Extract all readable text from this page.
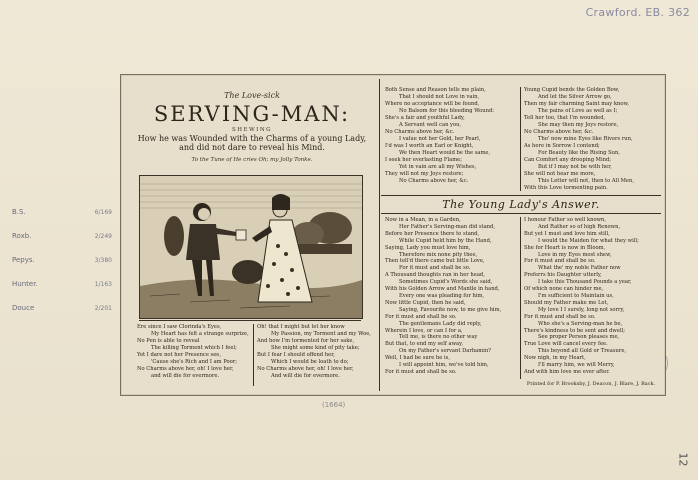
Crawford. EB. 362
12
(1664)
B.S.	6/169
Roxb.	2/249
Pepys.	3/380
Hunter.	1/163
Douce	2/201
The Love-sick
SERVING-MAN:
SHEWING
How he was Wounded with the Charms of a young Lady, and did not dare to reveal his Mind.
To the Tune of He cries Oh; my Jolly Tonke.
Ere since I saw Clorinda's Eyes,
My Heart has felt a strange surprize,
No Pen is able to reveal
The killing Torment which I feel;
Yet I dare not her Presence see,
'Cause she's Rich and I am Poor;
No Charms above her, oh! I love her,
and will die for evermore.
Oh! that I might but let her know
My Passion, my Torment and my Woe,
And how I'm tormented for her sake,
She might some kind of pity take;
But I fear I should offend her,
Which I would be loath to do;
No Charms above her, oh! I love her,
And will die for evermore.
Both Sense and Reason tells me plain,
That I should not Love in vain,
Where no acceptance will be found,
No Balsom for this bleeding Wound:
She's a fair and youthful Lady,
A Servant well can you,
No Charms above her, &c.
I value not her Gold, her Pearl,
I'd was I worth an Earl or Knight,
We then Heart would be the same,
I seek her everlasting Flame;
Yet in vain are all my Wishes,
They will not my Joys restore;
No Charms above her, &c.
Young Cupid bends the Golden Bow,
And let the Silver Arrow go,
Then my fair charming Saint may know,
The pains of Love as well as I;
Tell her too, that I'm wounded,
She may then my Joys restore,
No Charms above her, &c.
Tho' now mine Eyes like Rivers run,
As here in Sorrow I contend;
For Beauty like the Rising Sun,
Can Comfort any drooping Mind;
But if I may not be with her,
She will not hear me more,
This Letter will not, then to All Men,
With this Love tormenting pain.
The Young Lady's Answer.
Now in a Mean, in a Garden,
Her Father's Serving-man did stand,
Before her Presence there to stand,
While Cupid held him by the Hand,
Saying, Lady you must love him,
Therefore mix none pity thee,
Then tell'd there came but little Love,
For it must and shall be so.
A Thousand thoughts ran in her head,
Sometimes Cupid's Words she said,
With his Golden Arrow and Mantle in hand,
Every one was pleading for him,
Now little Cupid, then he said,
Saying, Favourite now, to me give him,
For it must and shall be so.
The gentlemans Lady did reply,
Wherein I love, or can I for a,
Tell me, is there no other way
But that, to end my self away,
On my Father's servant Darhamin?
Well, I had be sure he is,
I will appoint him, we've told him,
For it must and shall be so.
I honour Father so well known,
And Rather so of high Renown,
But yet I must and love him still,
I would the Maiden for what they will;
She for Heart is now in Bloom,
Love in my Eyes most shew,
For it must and shall be so.
What the' my noble Father now
Preferrs his Daughter utterly,
I take this Thousand Pounds a year,
Of which none can hinder me,
I'm sufficient to Maintain us,
Should my Father make me Lot,
My love I I surely, long not sorry,
For it must and shall be so.
Who she's a Serving-man he be,
There's kindness to be sent and dwell;
See proper Person pleases me,
True Love will cancel every fee.
This beyond all Gold or Treasure,
Now nigh, in my Heart,
I'll marry him, we will Merry,
And with him love me ever after.
Printed for P. Brooksby, J. Deacon, J. Blare, J. Back.
